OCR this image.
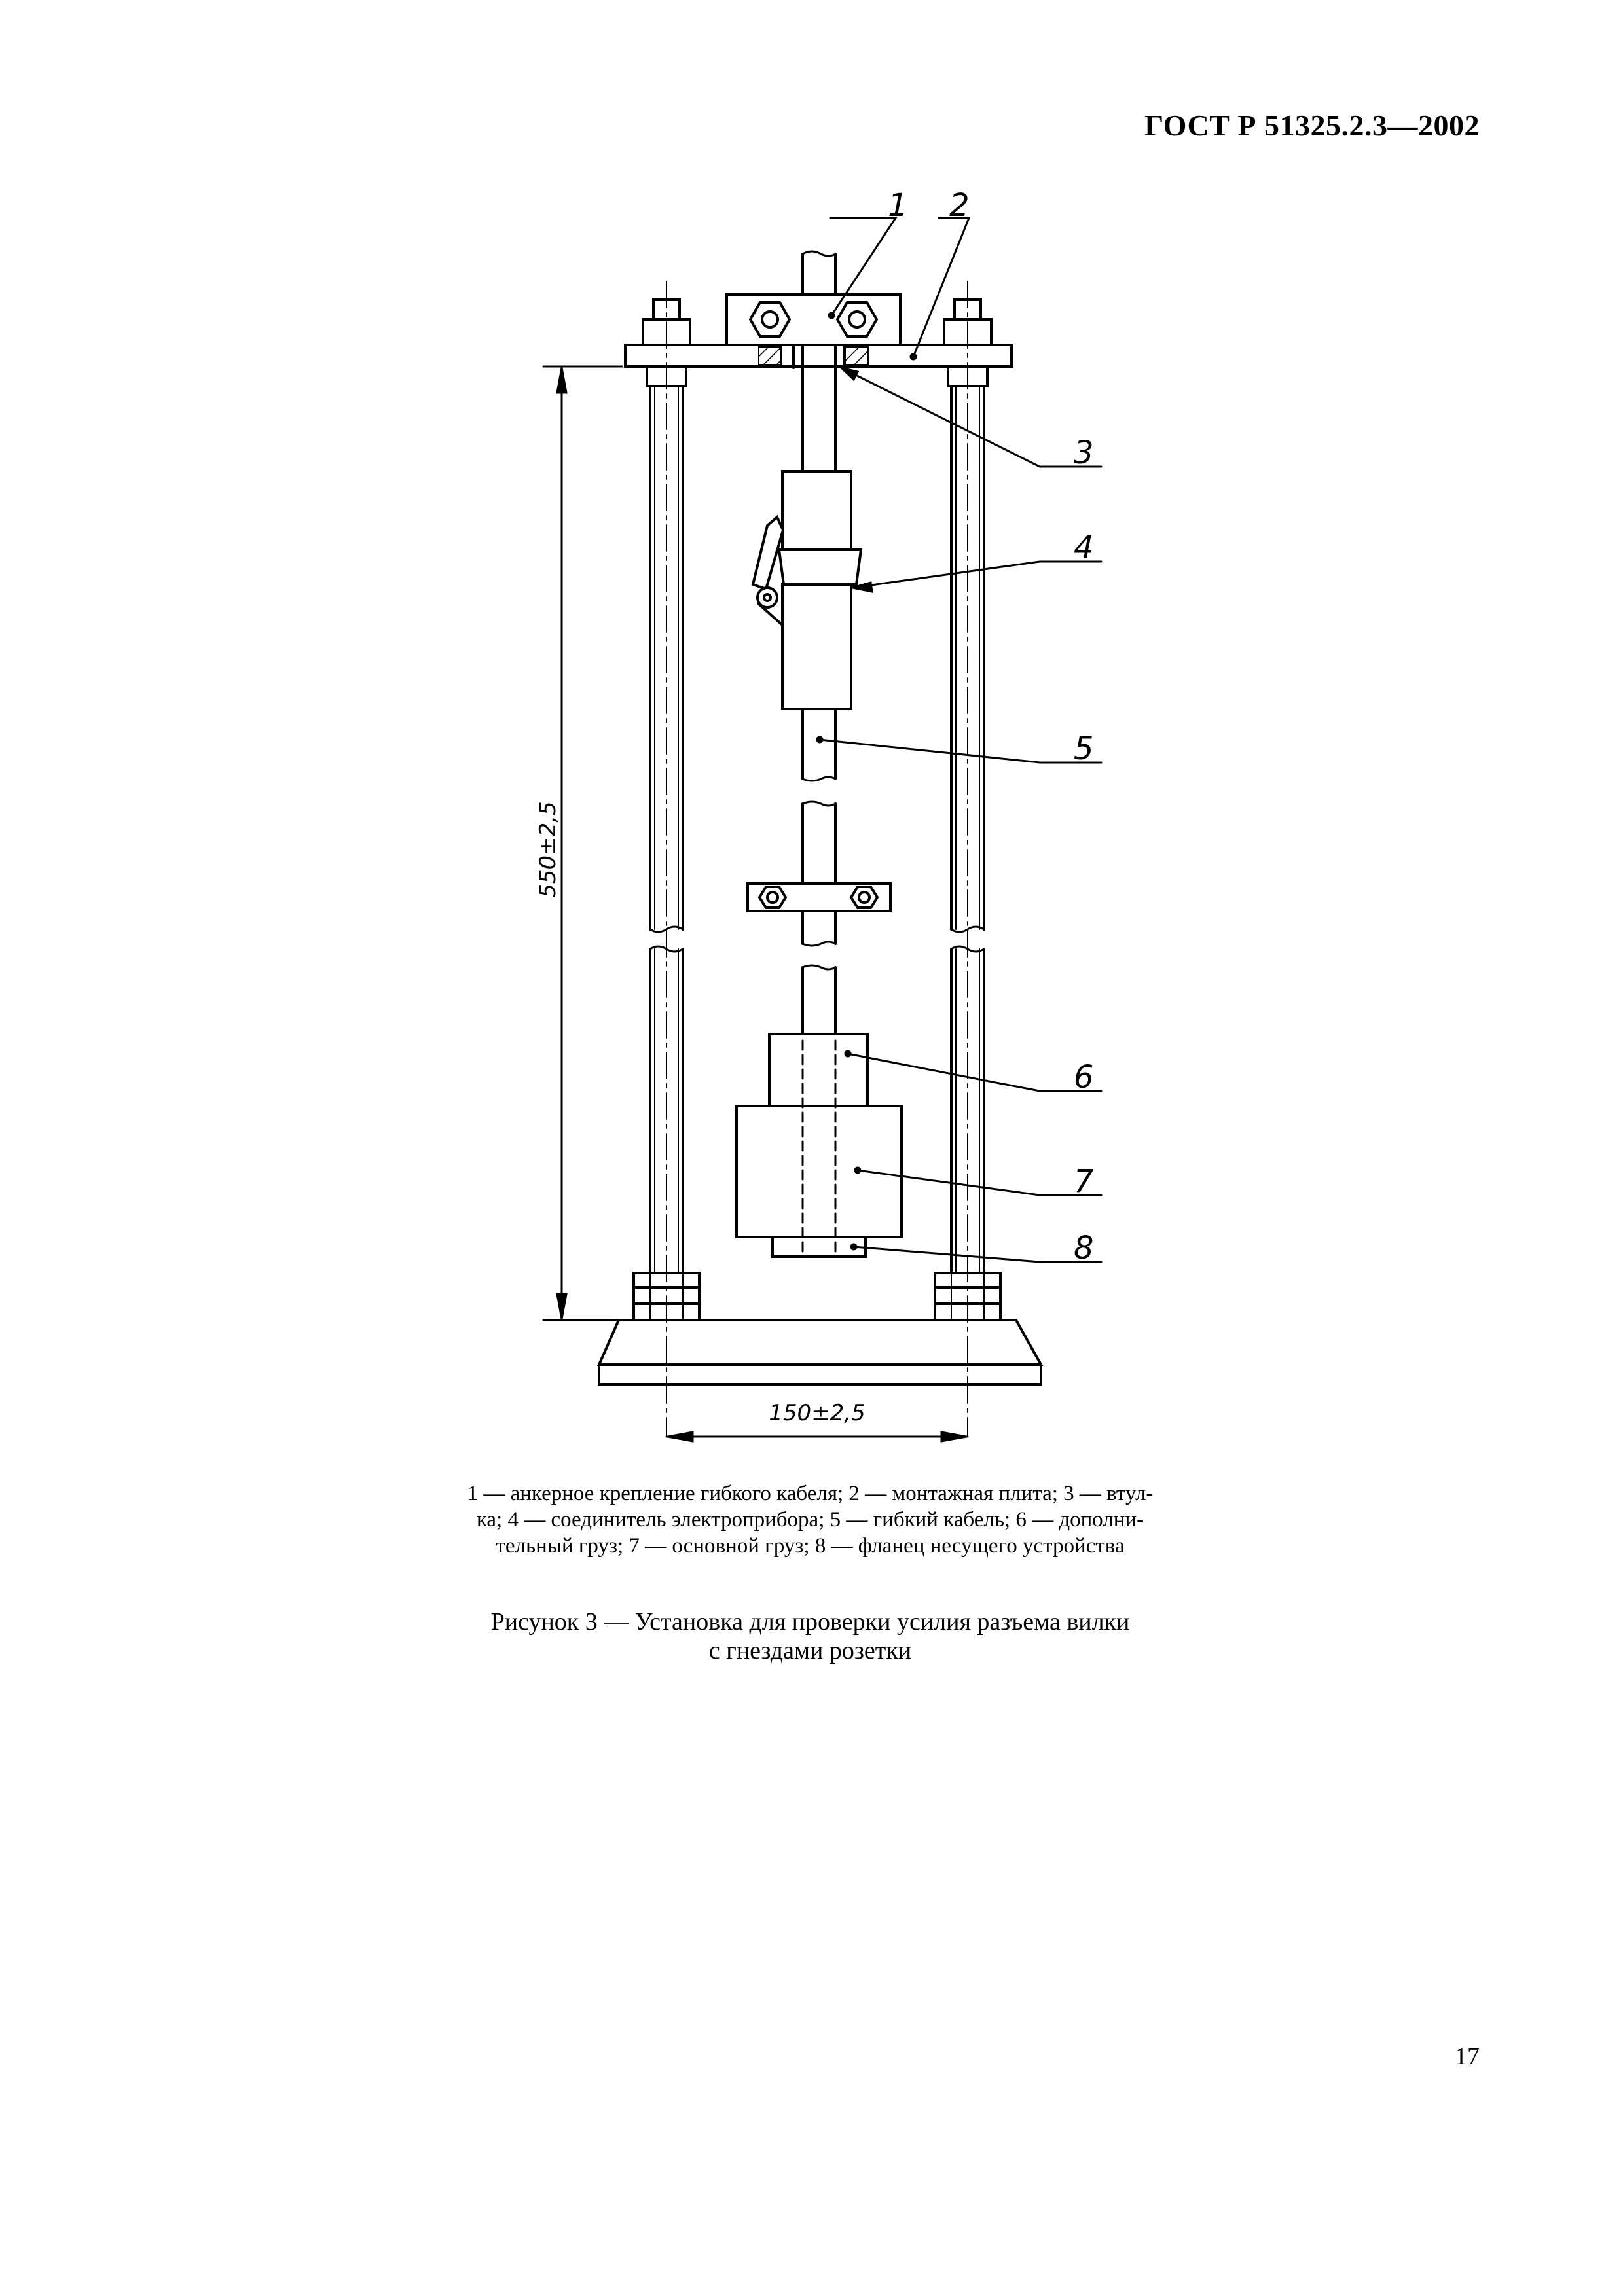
ГОСТ Р 51325.2.3—2002
550±2,5
150±2,5
1 2
3
4
5
6
7
8
1 — анкерное крепление гибкого кабеля; 2 — монтажная плита; 3 — втул-
ка; 4 — соединитель электроприбора; 5 — гибкий кабель; 6 — дополни-
тельный груз; 7 — основной груз; 8 — фланец несущего устройства
Рисунок 3 — Установка для проверки усилия разъема вилки
с гнездами розетки
17
